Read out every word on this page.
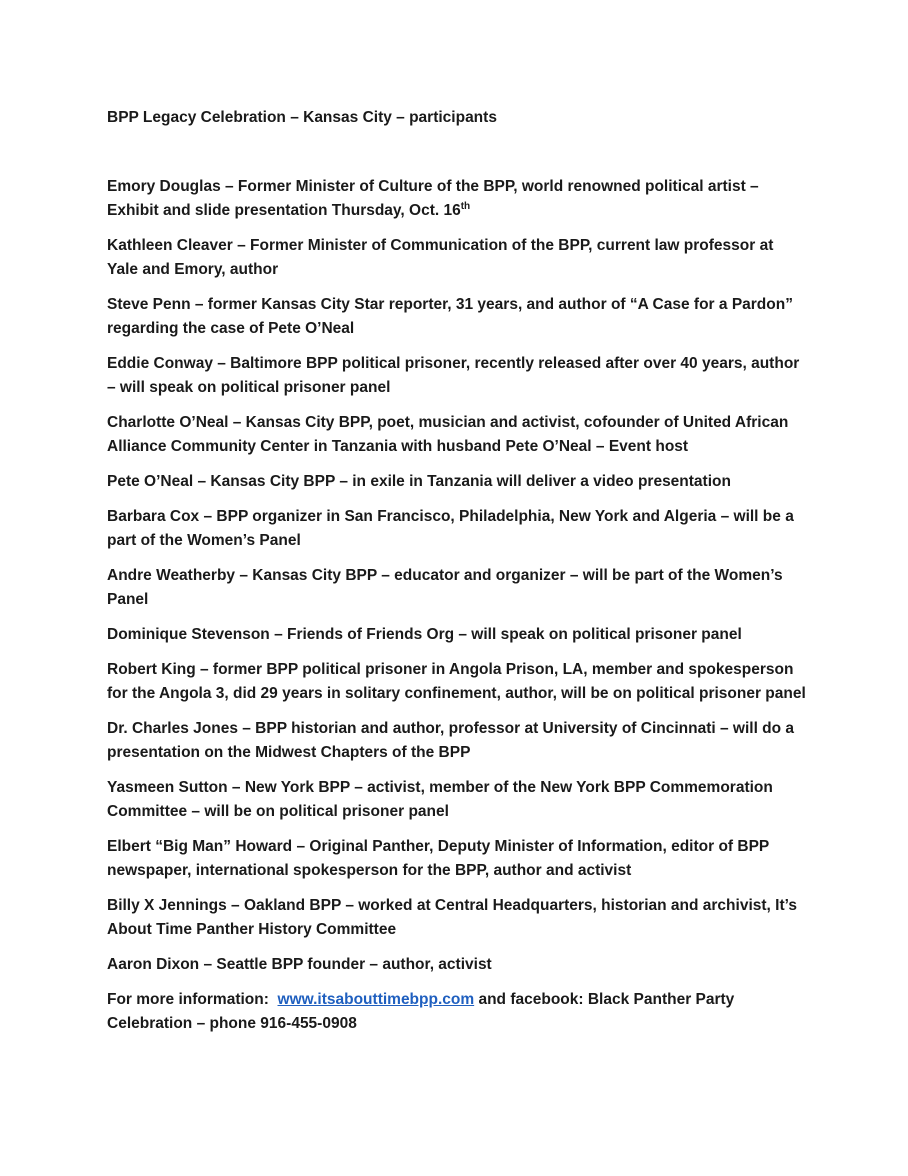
BPP Legacy Celebration – Kansas City – participants

Emory Douglas – Former Minister of Culture of the BPP, world renowned political artist – Exhibit and slide presentation Thursday, Oct. 16th

Kathleen Cleaver – Former Minister of Communication of the BPP, current law professor at Yale and Emory, author

Steve Penn – former Kansas City Star reporter, 31 years, and author of “A Case for a Pardon” regarding the case of Pete O’Neal

Eddie Conway – Baltimore BPP political prisoner, recently released after over 40 years, author – will speak on political prisoner panel

Charlotte O’Neal – Kansas City BPP, poet, musician and activist, cofounder of United African Alliance Community Center in Tanzania with husband Pete O’Neal – Event host

Pete O’Neal – Kansas City BPP – in exile in Tanzania will deliver a video presentation

Barbara Cox – BPP organizer in San Francisco, Philadelphia, New York and Algeria – will be a part of the Women’s Panel

Andre Weatherby – Kansas City BPP – educator and organizer – will be part of the Women’s Panel

Dominique Stevenson – Friends of Friends Org – will speak on political prisoner panel

Robert King – former BPP political prisoner in Angola Prison, LA, member and spokesperson for the Angola 3, did 29 years in solitary confinement, author, will be on political prisoner panel

Dr. Charles Jones – BPP historian and author, professor at University of Cincinnati – will do a presentation on the Midwest Chapters of the BPP

Yasmeen Sutton – New York BPP – activist, member of the New York BPP Commemoration Committee – will be on political prisoner panel

Elbert “Big Man” Howard – Original Panther, Deputy Minister of Information, editor of BPP newspaper, international spokesperson for the BPP, author and activist

Billy X Jennings – Oakland BPP – worked at Central Headquarters, historian and archivist, It’s About Time Panther History Committee

Aaron Dixon – Seattle BPP founder – author, activist

For more information: www.itsabouttimebpp.com and facebook: Black Panther Party Celebration – phone 916-455-0908
